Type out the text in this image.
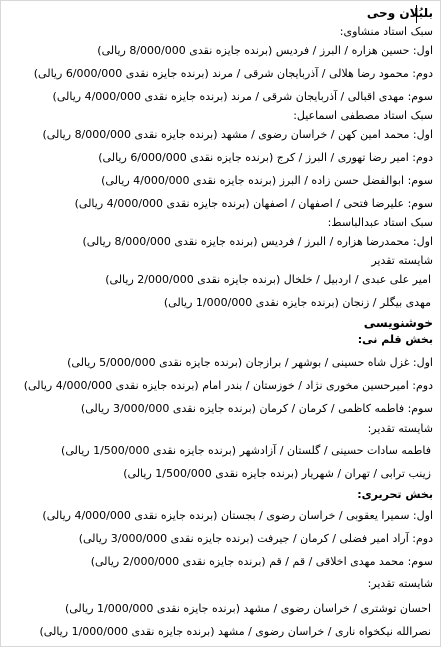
بلبُلان وحی
سبک استاد منشاوی:
اول: حسین هزاره / البرز / فردیس (برنده جایزه نقدی 8/000/000 ریالی)
دوم: محمود رضا هلالی / آذربایجان شرقی / مرند (برنده جایزه نقدی 6/000/000 ریالی)
سوم: مهدی اقبالی / آذربایجان شرقی / مرند (برنده جایزه نقدی 4/000/000 ریالی)
سبک استاد مصطفی اسماعیل:
اول: محمد امین کهن / خراسان رضوی / مشهد (برنده جایزه نقدی 8/000/000 ریالی)
دوم: امیر رضا تهوری / البرز / کرج (برنده جایزه نقدی 6/000/000 ریالی)
سوم: ابوالفضل حسن زاده / البرز (برنده جایزه نقدی 4/000/000 ریالی)
سوم: علیرضا فتحی / اصفهان / اصفهان (برنده جایزه نقدی 4/000/000 ریالی)
سبک استاد عبدالباسط:
اول: محمدرضا هزاره / البرز / فردیس (برنده جایزه نقدی 8/000/000 ریالی)
شایسته تقدیر
امیر علی عبدی / اردبیل / خلخال (برنده جایزه نقدی 2/000/000 ریالی)
مهدی بیگلر / زنجان (برنده جایزه نقدی 1/000/000 ریالی)
خوشنویسی
بخش قلم نی:
اول: غزل شاه حسینی / بوشهر / برازجان (برنده جایزه نقدی 5/000/000 ریالی)
دوم: امیرحسین مخوری نژاد / خوزستان / بندر امام (برنده جایزه نقدی 4/000/000 ریالی)
سوم: فاطمه کاظمی / کرمان / کرمان (برنده جایزه نقدی 3/000/000 ریالی)
شایسته تقدیر:
فاطمه سادات حسینی / گلستان / آزادشهر (برنده جایزه نقدی 1/500/000 ریالی)
زینب ترابی / تهران / شهریار (برنده جایزه نقدی 1/500/000 ریالی)
بخش تحریری:
اول: سمیرا یعقوبی / خراسان رضوی / بجستان (برنده جایزه نقدی 4/000/000 ریالی)
دوم: آراد امیر فضلی / کرمان / جیرفت (برنده جایزه نقدی 3/000/000 ریالی)
سوم: محمد مهدی اخلاقی / قم / قم (برنده جایزه نقدی 2/000/000 ریالی)
شایسته تقدیر:
احسان توشتری / خراسان رضوی / مشهد (برنده جایزه نقدی 1/000/000 ریالی)
نصرالله نیکخواه ناری / خراسان رضوی / مشهد (برنده جایزه نقدی 1/000/000 ریالی)
